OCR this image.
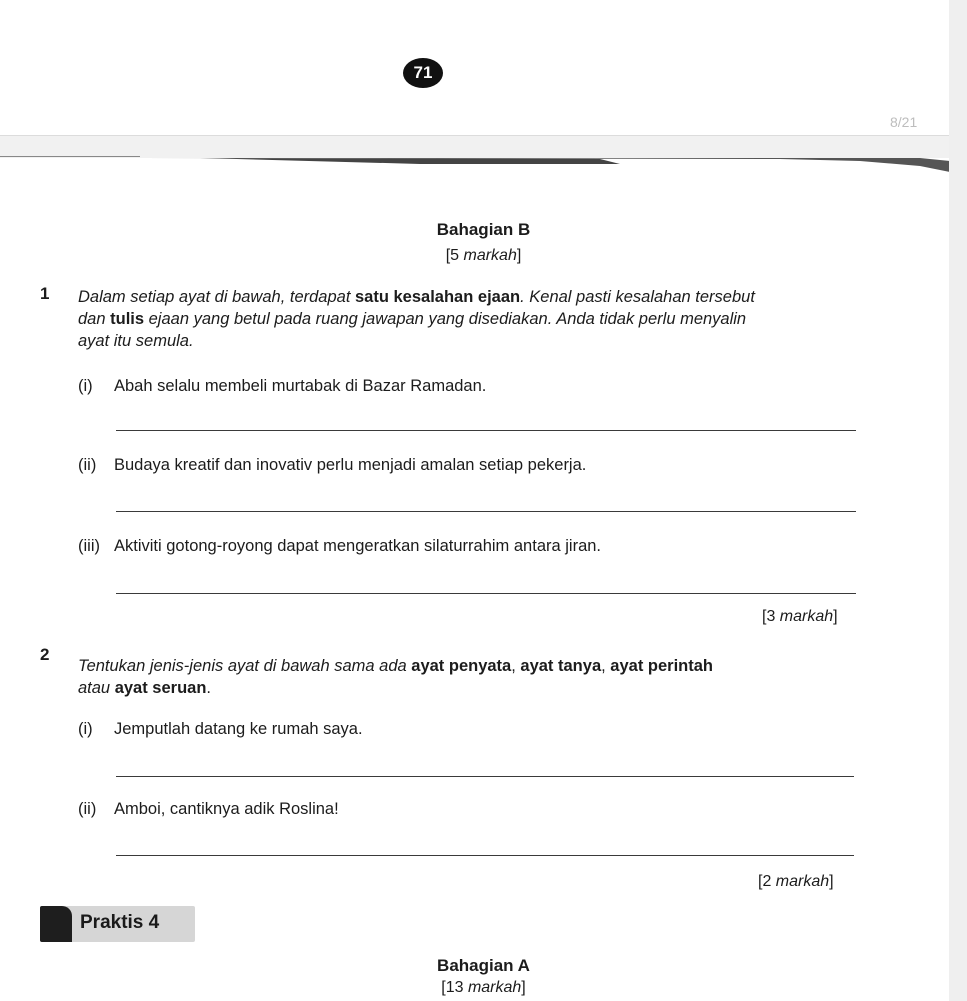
71
8/21
Bahagian B
[5 markah]
1 Dalam setiap ayat di bawah, terdapat satu kesalahan ejaan. Kenal pasti kesalahan tersebut
dan tulis ejaan yang betul pada ruang jawapan yang disediakan. Anda tidak perlu menyalin
ayat itu semula.
(i) Abah selalu membeli murtabak di Bazar Ramadan.
(ii) Budaya kreatif dan inovativ perlu menjadi amalan setiap pekerja.
(iii) Aktiviti gotong-royong dapat mengeratkan silaturrahim antara jiran.
[3 markah]
2
Tentukan jenis-jenis ayat di bawah sama ada ayat penyata, ayat tanya, ayat perintah
atau ayat seruan.
(i) Jemputlah datang ke rumah saya.
(ii) Amboi, cantiknya adik Roslina!
[2 markah]
Praktis 4
Bahagian A
[13 markah]
